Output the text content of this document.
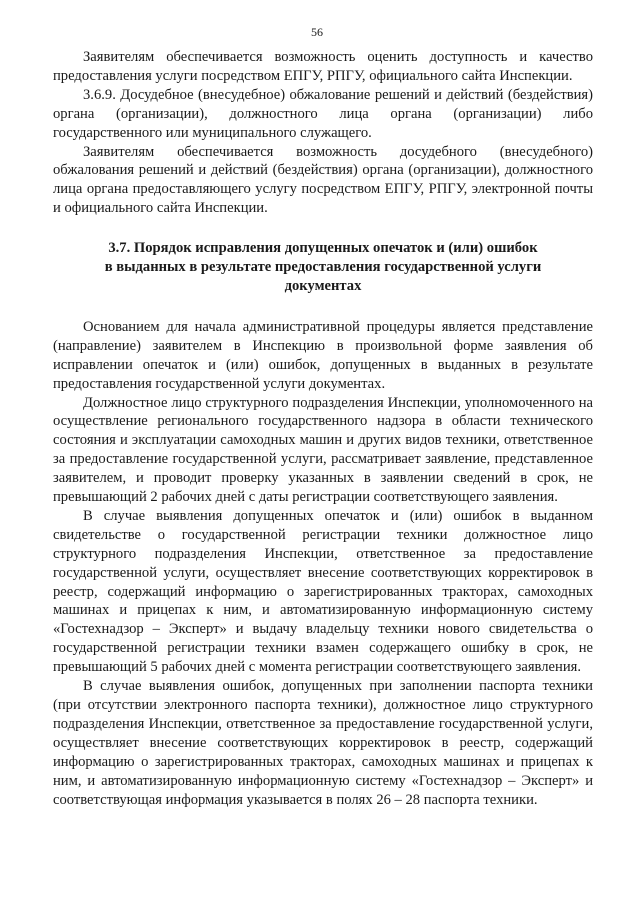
56

Заявителям обеспечивается возможность оценить доступность и качество предоставления услуги посредством ЕПГУ, РПГУ, официального сайта Инспекции.

3.6.9. Досудебное (внесудебное) обжалование решений и действий (бездействия) органа (организации), должностного лица органа (организации) либо государственного или муниципального служащего.

Заявителям обеспечивается возможность досудебного (внесудебного) обжалования решений и действий (бездействия) органа (организации), должностного лица органа предоставляющего услугу посредством ЕПГУ, РПГУ, электронной почты и официального сайта Инспекции.

3.7. Порядок исправления допущенных опечаток и (или) ошибок
в выданных в результате предоставления государственной услуги
документах

Основанием для начала административной процедуры является представление (направление) заявителем в Инспекцию в произвольной форме заявления об исправлении опечаток и (или) ошибок, допущенных в выданных в результате предоставления государственной услуги документах.

Должностное лицо структурного подразделения Инспекции, уполномоченного на осуществление регионального государственного надзора в области технического состояния и эксплуатации самоходных машин и других видов техники, ответственное за предоставление государственной услуги, рассматривает заявление, представленное заявителем, и проводит проверку указанных в заявлении сведений в срок, не превышающий 2 рабочих дней с даты регистрации соответствующего заявления.

В случае выявления допущенных опечаток и (или) ошибок в выданном свидетельстве о государственной регистрации техники должностное лицо структурного подразделения Инспекции, ответственное за предоставление государственной услуги, осуществляет внесение соответствующих корректировок в реестр, содержащий информацию о зарегистрированных тракторах, самоходных машинах и прицепах к ним, и автоматизированную информационную систему «Гостехнадзор – Эксперт» и выдачу владельцу техники нового свидетельства о государственной регистрации техники взамен содержащего ошибку в срок, не превышающий 5 рабочих дней с момента регистрации соответствующего заявления.

В случае выявления ошибок, допущенных при заполнении паспорта техники (при отсутствии электронного паспорта техники), должностное лицо структурного подразделения Инспекции, ответственное за предоставление государственной услуги, осуществляет внесение соответствующих корректировок в реестр, содержащий информацию о зарегистрированных тракторах, самоходных машинах и прицепах к ним, и автоматизированную информационную систему «Гостехнадзор – Эксперт» и соответствующая информация указывается в полях 26 – 28 паспорта техники.
